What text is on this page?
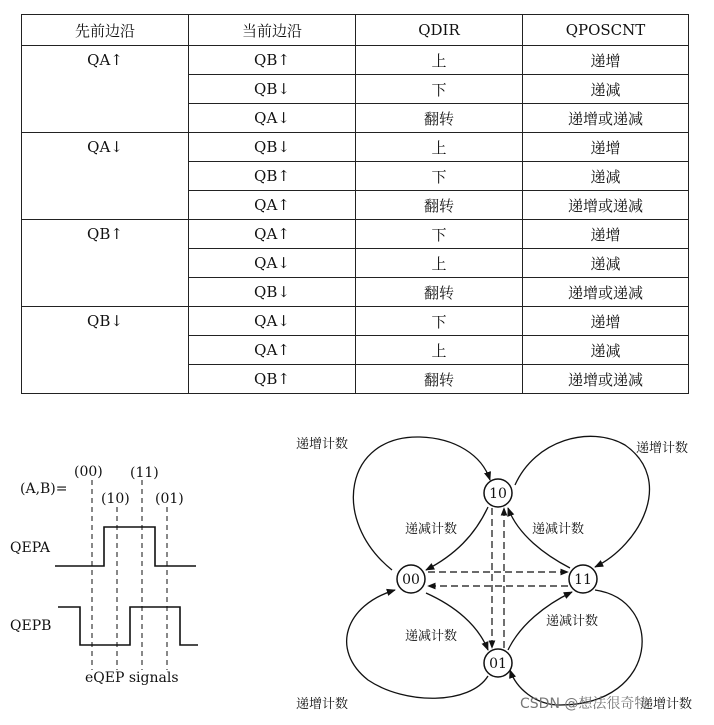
先前边沿	当前边沿	QDIR	QPOSCNT
QA↑	QB↑	上	递增
	QB↓	下	递减
	QA↓	翻转	递增或递减
QA↓	QB↓	上	递增
	QB↑	下	递减
	QA↑	翻转	递增或递减
QB↑	QA↑	下	递增
	QA↓	上	递减
	QB↓	翻转	递增或递减
QB↓	QA↓	下	递增
	QA↑	上	递减
	QB↑	翻转	递增或递减
(A,B)=
(00)
(10)
(11)
(01)
QEPA
QEPB
eQEP signals
10
00	11
01
递增计数	递增计数
递增计数	递增计数
递减计数	递减计数
递减计数
递减计数
CSDN @想法很奇特
